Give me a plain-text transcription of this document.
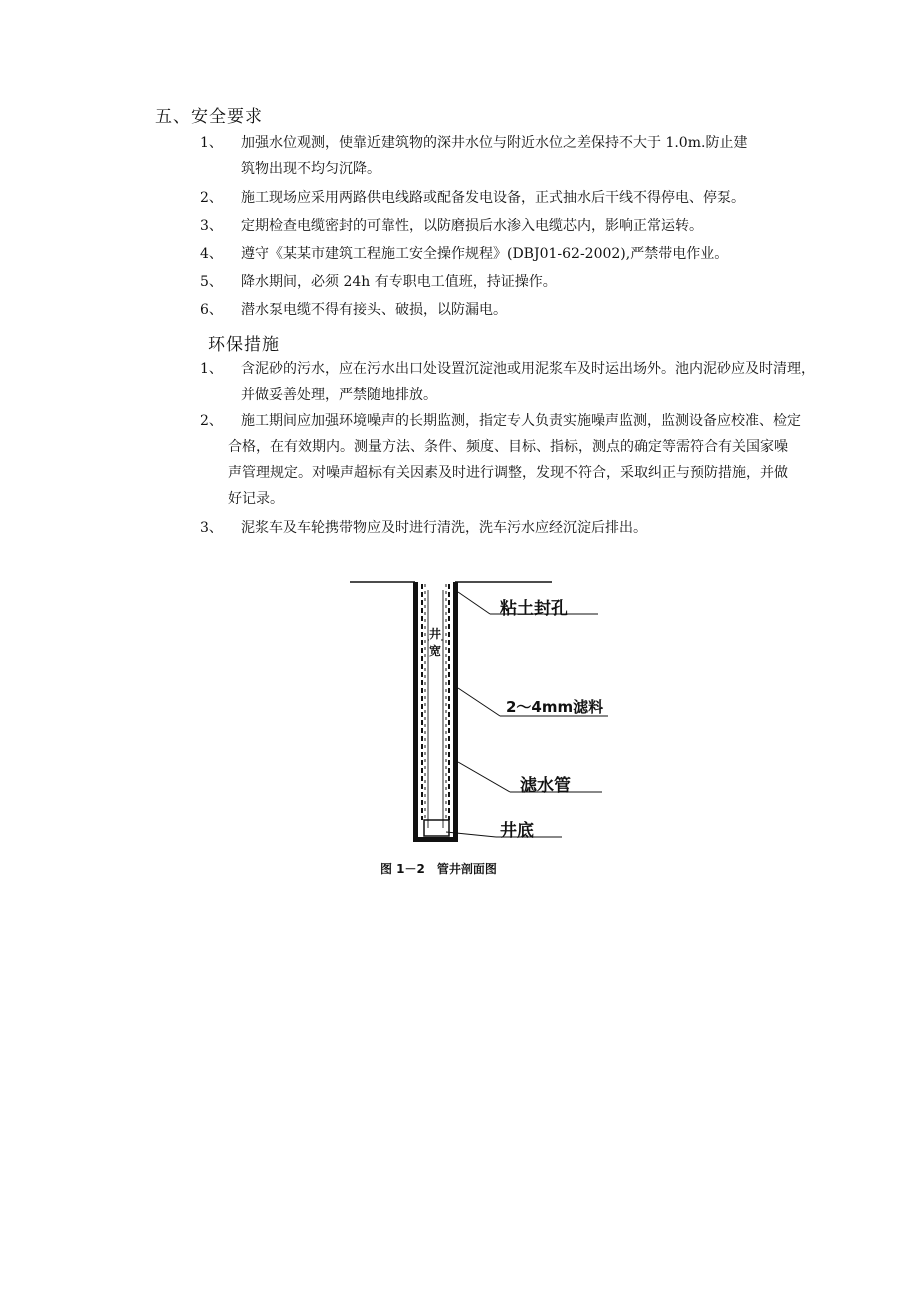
五、安全要求
1、	加强水位观测，使靠近建筑物的深井水位与附近水位之差保持不大于 1.0m.防止建
筑物出现不均匀沉降。
2、	施工现场应采用两路供电线路或配备发电设备，正式抽水后干线不得停电、停泵。
3、	定期检查电缆密封的可靠性，以防磨损后水渗入电缆芯内，影响正常运转。
4、	遵守《某某市建筑工程施工安全操作规程》(DBJ01-62-2002),严禁带电作业。
5、	降水期间，必须 24h 有专职电工值班，持证操作。
6、	潜水泵电缆不得有接头、破损，以防漏电。
环保措施
1、	含泥砂的污水，应在污水出口处设置沉淀池或用泥浆车及时运出场外。池内泥砂应及时清理，
并做妥善处理，严禁随地排放。
2、	施工期间应加强环境噪声的长期监测，指定专人负责实施噪声监测，监测设备应校准、检定
合格，在有效期内。测量方法、条件、频度、目标、指标，测点的确定等需符合有关国家噪
声管理规定。对噪声超标有关因素及时进行调整，发现不符合，采取纠正与预防措施，并做
好记录。
3、	泥浆车及车轮携带物应及时进行清洗，洗车污水应经沉淀后排出。
粘土封孔
2～4mm滤料
滤水管
井底
井
宽
图 1－2　管井剖面图
